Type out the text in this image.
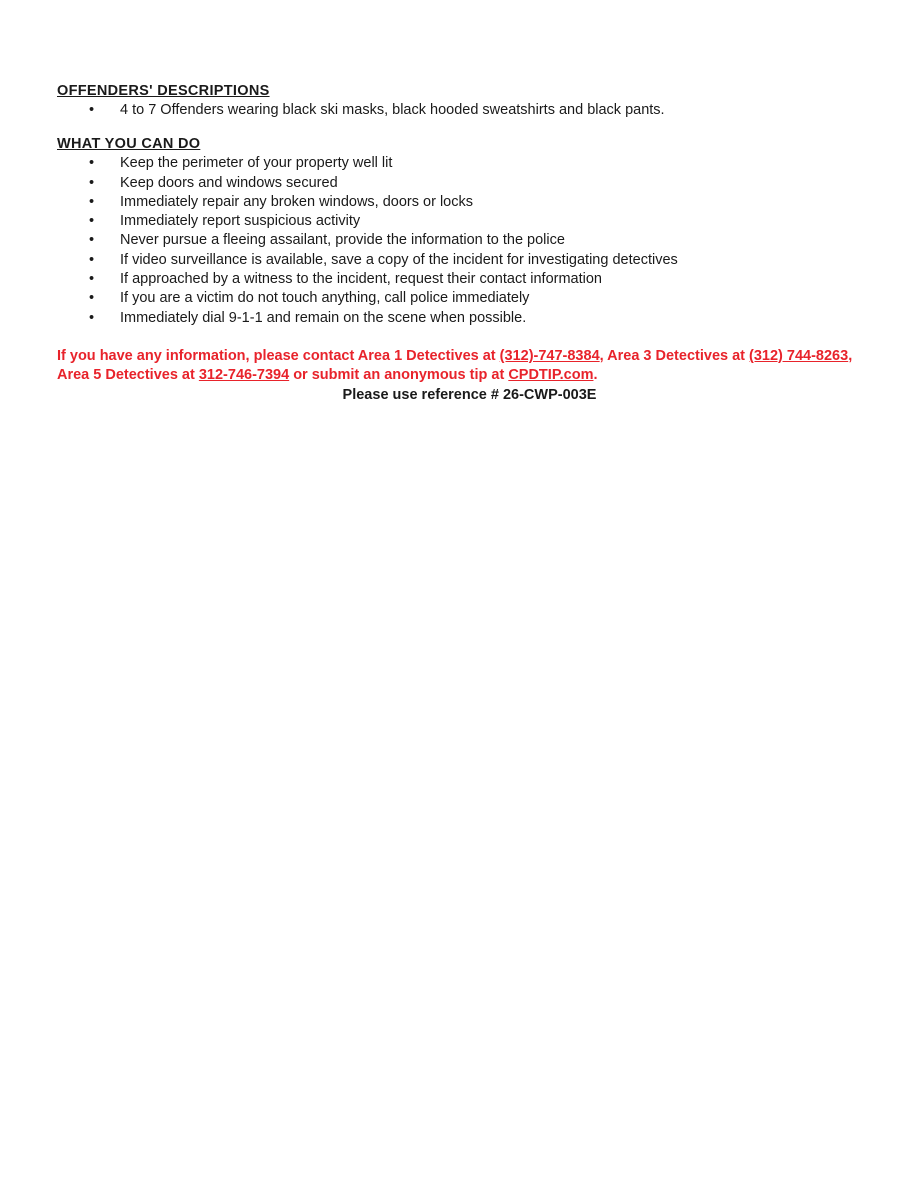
OFFENDERS' DESCRIPTIONS
• 4 to 7 Offenders wearing black ski masks, black hooded sweatshirts and black pants.
WHAT YOU CAN DO
• Keep the perimeter of your property well lit
• Keep doors and windows secured
• Immediately repair any broken windows, doors or locks
• Immediately report suspicious activity
• Never pursue a fleeing assailant, provide the information to the police
• If video surveillance is available, save a copy of the incident for investigating detectives
• If approached by a witness to the incident, request their contact information
• If you are a victim do not touch anything, call police immediately
• Immediately dial 9-1-1 and remain on the scene when possible.

If you have any information, please contact Area 1 Detectives at (312)-747-8384, Area 3 Detectives at (312) 744-8263, Area 5 Detectives at 312-746-7394 or submit an anonymous tip at CPDTIP.com.

Please use reference # 26-CWP-003E
